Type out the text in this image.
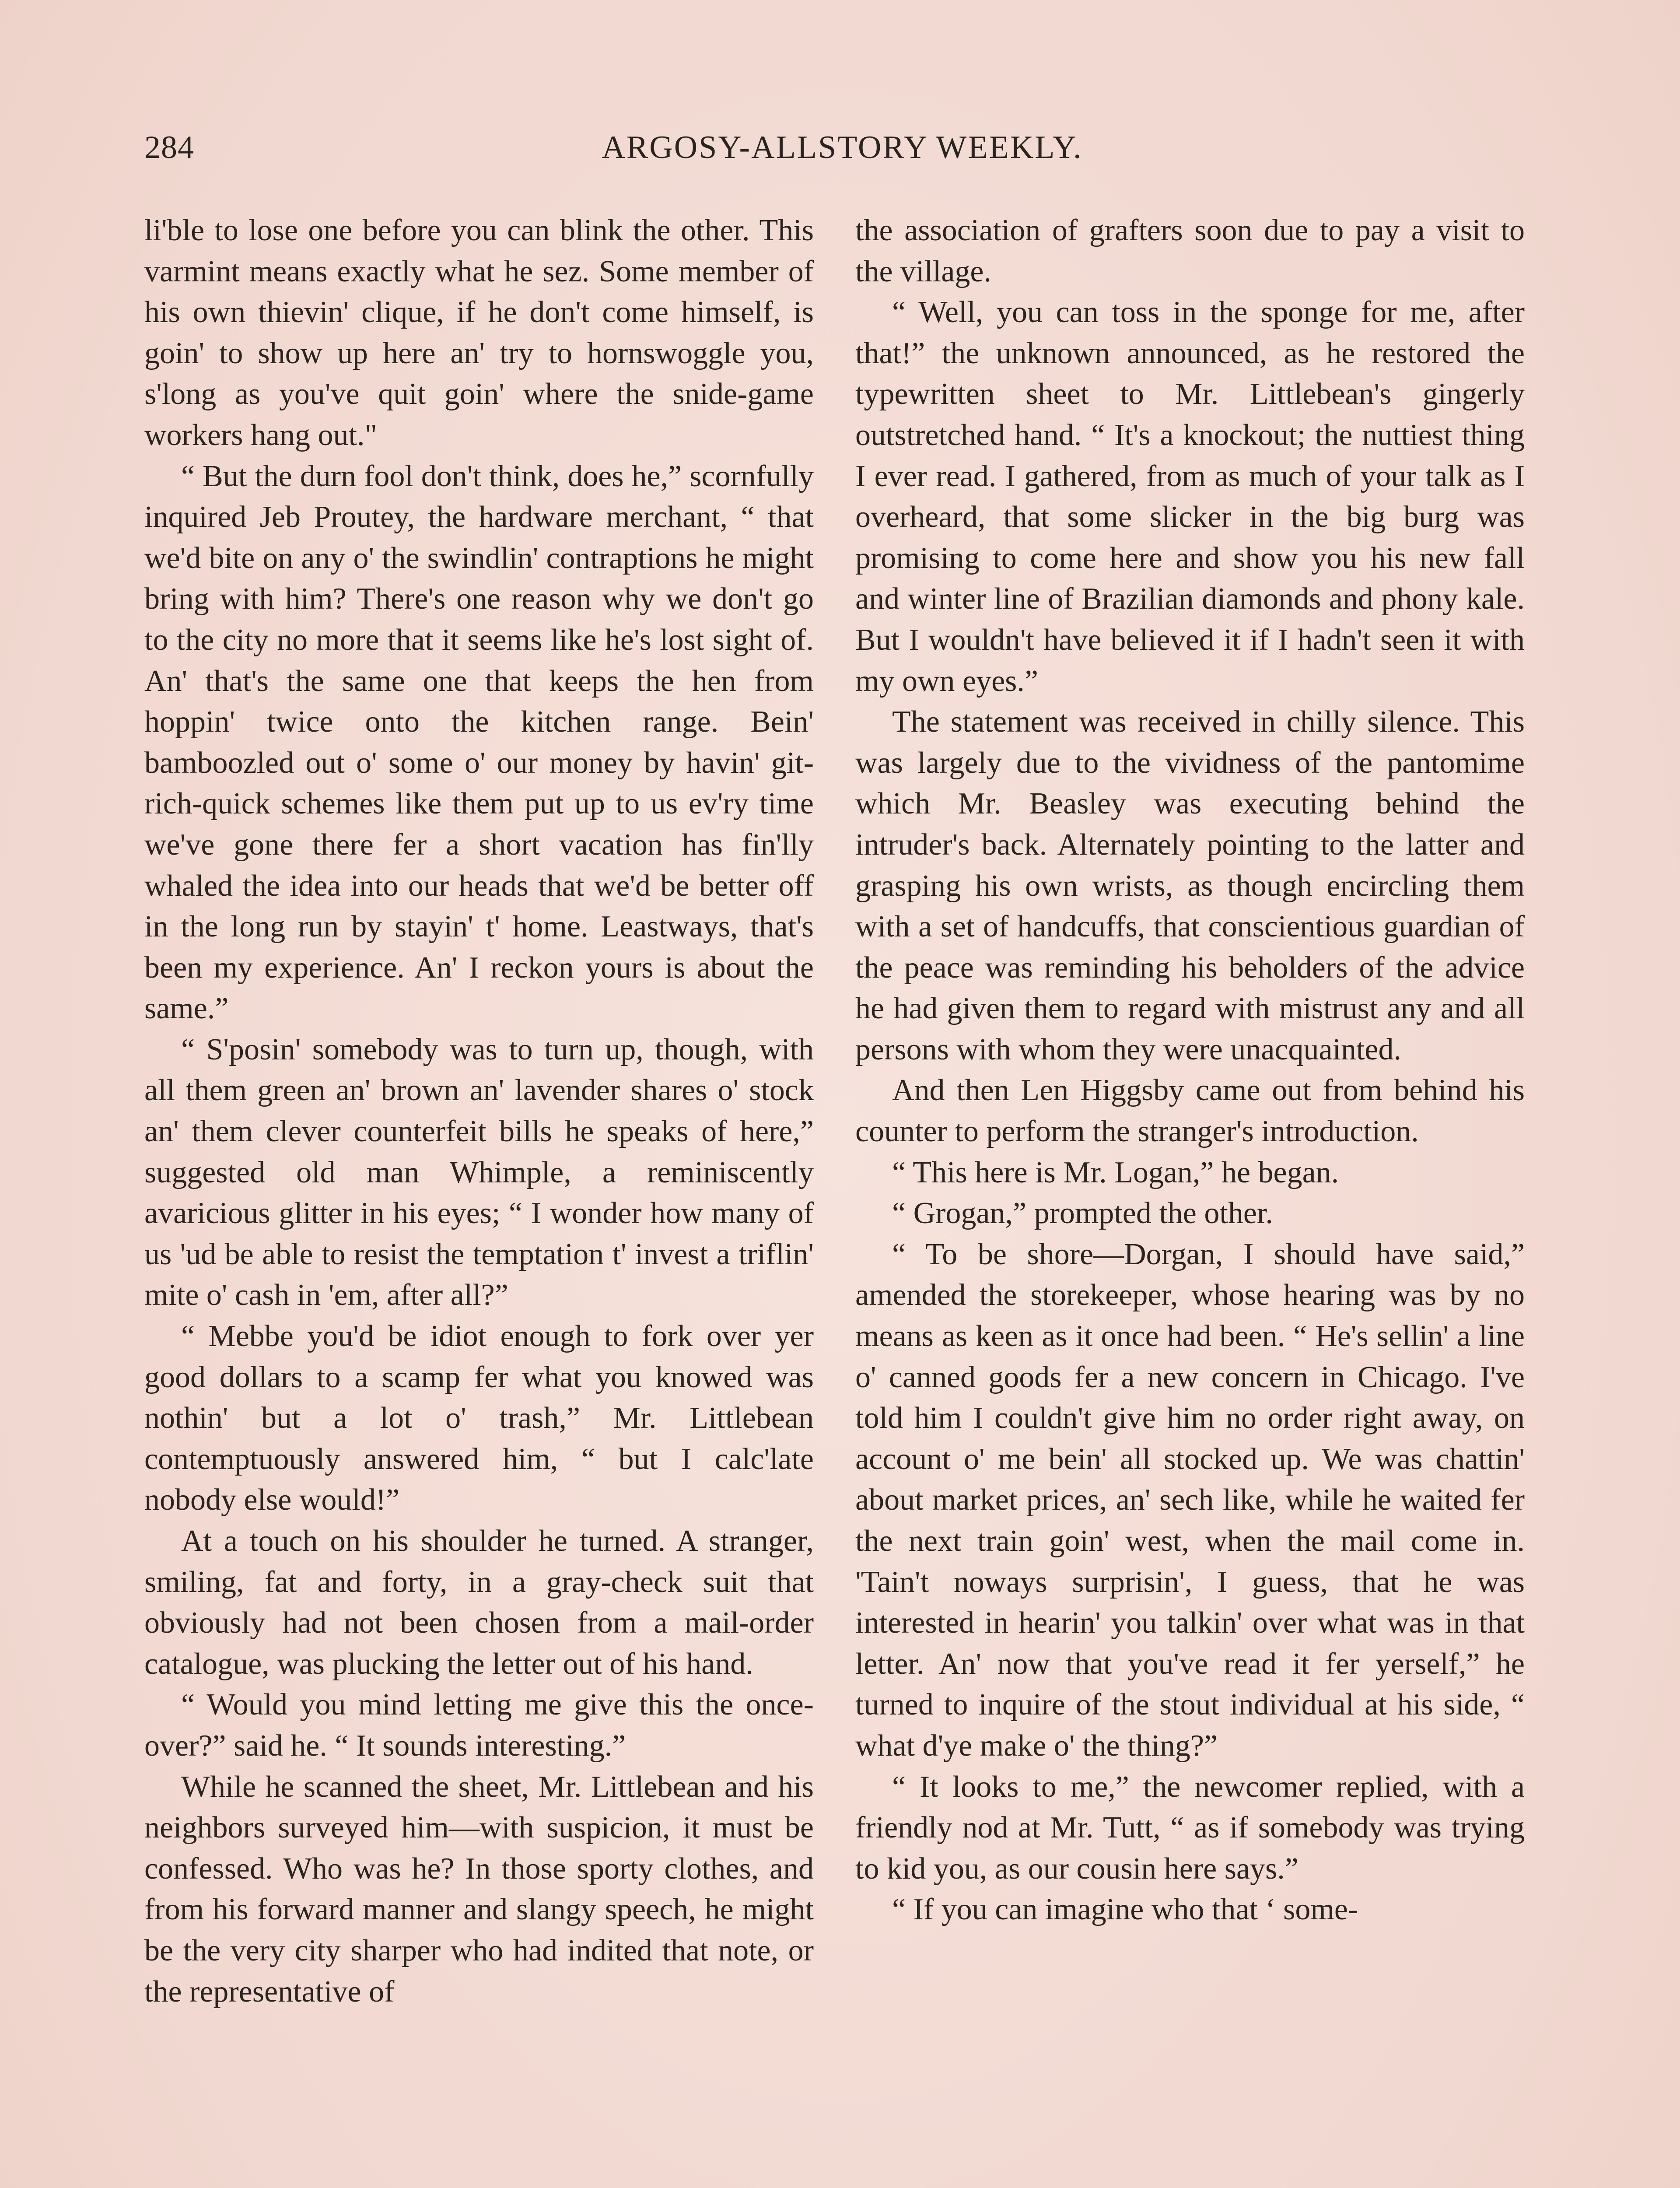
284	ARGOSY-ALLSTORY WEEKLY.

li'ble to lose one before you can blink the other. This varmint means exactly what he sez. Some member of his own thievin' clique, if he don't come himself, is goin' to show up here an' try to hornswoggle you, s'long as you've quit goin' where the snide-game workers hang out."

“ But the durn fool don't think, does he,” scornfully inquired Jeb Proutey, the hardware merchant, “ that we'd bite on any o' the swindlin' contraptions he might bring with him? There's one reason why we don't go to the city no more that it seems like he's lost sight of. An' that's the same one that keeps the hen from hoppin' twice onto the kitchen range. Bein' bamboozled out o' some o' our money by havin' git-rich-quick schemes like them put up to us ev'ry time we've gone there fer a short vacation has fin'lly whaled the idea into our heads that we'd be better off in the long run by stayin' t' home. Leastways, that's been my experience. An' I reckon yours is about the same.”

“ S'posin' somebody was to turn up, though, with all them green an' brown an' lavender shares o' stock an' them clever counterfeit bills he speaks of here,” suggested old man Whimple, a reminiscently avaricious glitter in his eyes; “ I wonder how many of us 'ud be able to resist the temptation t' invest a triflin' mite o' cash in 'em, after all?”

“ Mebbe you'd be idiot enough to fork over yer good dollars to a scamp fer what you knowed was nothin' but a lot o' trash,” Mr. Littlebean contemptuously answered him, “ but I calc'late nobody else would!”

At a touch on his shoulder he turned. A stranger, smiling, fat and forty, in a gray-check suit that obviously had not been chosen from a mail-order catalogue, was plucking the letter out of his hand.

“ Would you mind letting me give this the once-over?” said he. “ It sounds interesting.”

While he scanned the sheet, Mr. Littlebean and his neighbors surveyed him—with suspicion, it must be confessed. Who was he? In those sporty clothes, and from his forward manner and slangy speech, he might be the very city sharper who had indited that note, or the representative of

the association of grafters soon due to pay a visit to the village.

“ Well, you can toss in the sponge for me, after that!” the unknown announced, as he restored the typewritten sheet to Mr. Littlebean's gingerly outstretched hand. “ It's a knockout; the nuttiest thing I ever read. I gathered, from as much of your talk as I overheard, that some slicker in the big burg was promising to come here and show you his new fall and winter line of Brazilian diamonds and phony kale. But I wouldn't have believed it if I hadn't seen it with my own eyes.”

The statement was received in chilly silence. This was largely due to the vividness of the pantomime which Mr. Beasley was executing behind the intruder's back. Alternately pointing to the latter and grasping his own wrists, as though encircling them with a set of handcuffs, that conscientious guardian of the peace was reminding his beholders of the advice he had given them to regard with mistrust any and all persons with whom they were unacquainted.

And then Len Higgsby came out from behind his counter to perform the stranger's introduction.

“ This here is Mr. Logan,” he began.

“ Grogan,” prompted the other.

“ To be shore—Dorgan, I should have said,” amended the storekeeper, whose hearing was by no means as keen as it once had been. “ He's sellin' a line o' canned goods fer a new concern in Chicago. I've told him I couldn't give him no order right away, on account o' me bein' all stocked up. We was chattin' about market prices, an' sech like, while he waited fer the next train goin' west, when the mail come in. 'Tain't noways surprisin', I guess, that he was interested in hearin' you talkin' over what was in that letter. An' now that you've read it fer yerself,” he turned to inquire of the stout individual at his side, “ what d'ye make o' the thing?”

“ It looks to me,” the newcomer replied, with a friendly nod at Mr. Tutt, “ as if somebody was trying to kid you, as our cousin here says.”

“ If you can imagine who that ‘ some-
